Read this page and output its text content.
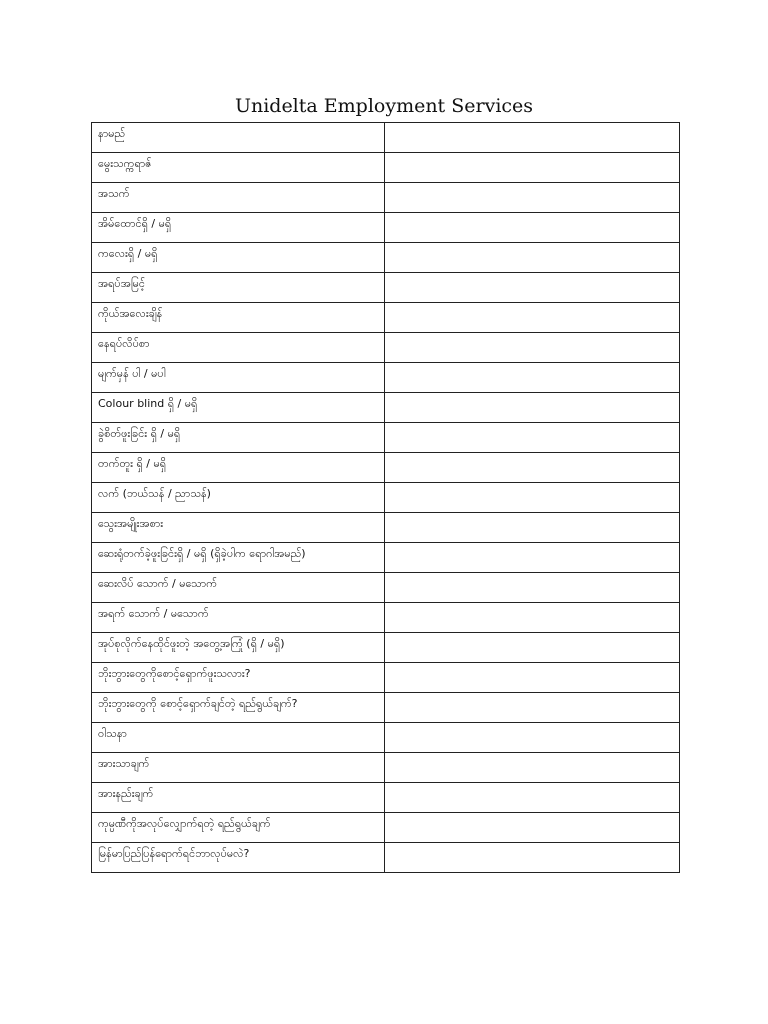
Unidelta Employment Services
နာမည်	
မွေးသက္ကရာဇ်	
အသက်	
အိမ်ထောင်ရှိ / မရှိ	
ကလေးရှိ / မရှိ	
အရပ်အမြင့်	
ကိုယ်အလေးချိန်	
နေရပ်လိပ်စာ	
မျက်မှန် ပါ / မပါ	
Colour blind ရှိ / မရှိ	
ခွဲစိတ်ဖူးခြင်း ရှိ / မရှိ	
တက်တူး ရှိ / မရှိ	
လက် (ဘယ်သန် / ညာသန်)	
သွေးအမျိုးအစား	
ဆေးရုံတက်ခဲ့ဖူးခြင်းရှိ / မရှိ (ရှိခဲ့ပါက ရောဂါအမည်)	
ဆေးလိပ် သောက် / မသောက်	
အရက် သောက် / မသောက်	
အုပ်စုလိုက်နေထိုင်ဖူးတဲ့ အတွေ့အကြုံ (ရှိ / မရှိ)	
ဘိုးဘွားတွေကိုစောင့်ရှောက်ဖူးသလား?	
ဘိုးဘွားတွေကို စောင့်ရှောက်ချင်တဲ့ ရည်ရွယ်ချက်?	
ဝါသနာ	
အားသာချက်	
အားနည်းချက်	
ကုမ္ပဏီကိုအလုပ်လျှောက်ရတဲ့ ရည်ရွယ်ချက်	
မြန်မာပြည်ပြန်ရောက်ရင်ဘာလုပ်မလဲ?	
